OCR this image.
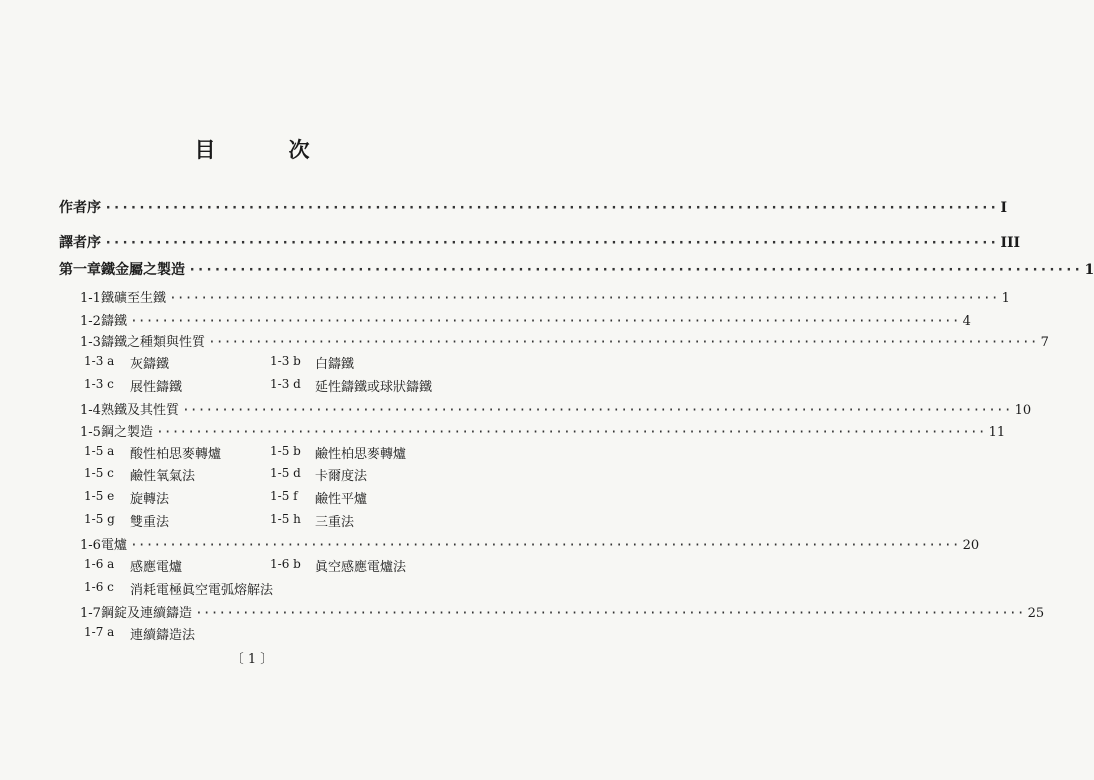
目　次
作者序 ·········································································································· I
譯者序 ·········································································································· III
第一章 鐵金屬之製造 ·········································································································· 1
1-1 鐵礦至生鐵 ·········································································································· 1
1-2 鑄鐵 ·········································································································· 4
1-3 鑄鐵之種類與性質 ·········································································································· 7
1-3 a 灰鑄鐵	1-3 b 白鑄鐵
1-3 c 展性鑄鐵	1-3 d 延性鑄鐵或球狀鑄鐵
1-4 熟鐵及其性質 ·········································································································· 10
1-5 鋼之製造 ·········································································································· 11
1-5 a 酸性柏思麥轉爐	1-5 b 鹼性柏思麥轉爐
1-5 c 鹼性氧氣法	1-5 d 卡爾度法
1-5 e 旋轉法	1-5 f 鹼性平爐
1-5 g 雙重法	1-5 h 三重法
1-6 電爐 ·········································································································· 20
1-6 a 感應電爐	1-6 b 眞空感應電爐法
1-6 c 消耗電極眞空電弧熔解法
1-7 鋼錠及連續鑄造 ·········································································································· 25
1-7 a 連續鑄造法
〔 1 〕
